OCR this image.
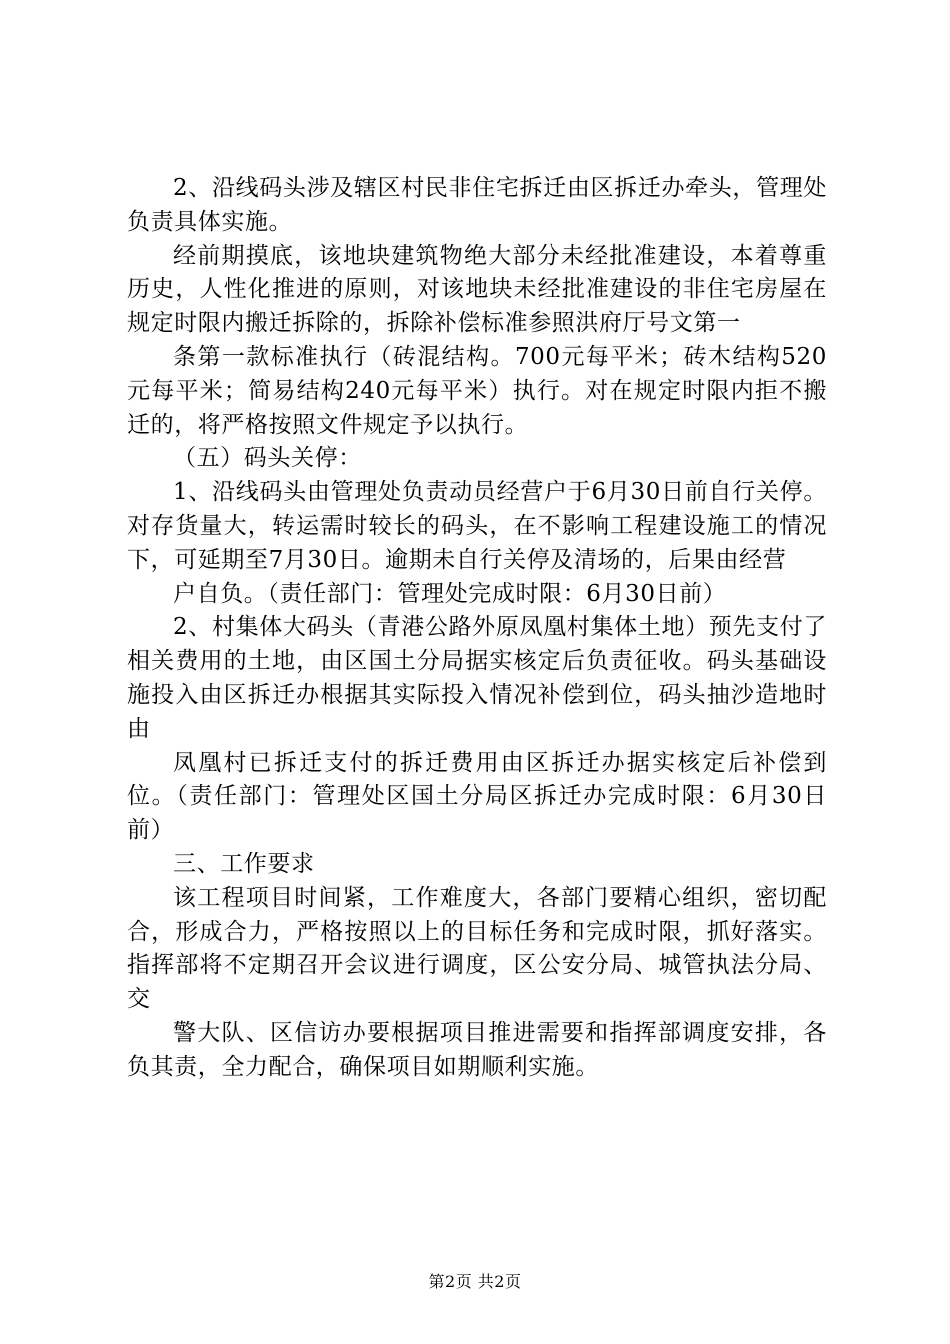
2、沿线码头涉及辖区村民非住宅拆迁由区拆迁办牵头，管理处负责具体实施。

经前期摸底，该地块建筑物绝大部分未经批准建设，本着尊重历史，人性化推进的原则，对该地块未经批准建设的非住宅房屋在规定时限内搬迁拆除的，拆除补偿标准参照洪府厅号文第一

条第一款标准执行（砖混结构。700元每平米；砖木结构520元每平米；简易结构240元每平米）执行。对在规定时限内拒不搬迁的，将严格按照文件规定予以执行。

（五）码头关停：

1、沿线码头由管理处负责动员经营户于6月30日前自行关停。对存货量大，转运需时较长的码头，在不影响工程建设施工的情况下，可延期至7月30日。逾期未自行关停及清场的，后果由经营

户自负。（责任部门：管理处完成时限：6月30日前）

2、村集体大码头（青港公路外原凤凰村集体土地）预先支付了相关费用的土地，由区国土分局据实核定后负责征收。码头基础设施投入由区拆迁办根据其实际投入情况补偿到位，码头抽沙造地时由

凤凰村已拆迁支付的拆迁费用由区拆迁办据实核定后补偿到位。（责任部门：管理处区国土分局区拆迁办完成时限：6月30日前）

三、工作要求

该工程项目时间紧，工作难度大，各部门要精心组织，密切配合，形成合力，严格按照以上的目标任务和完成时限，抓好落实。指挥部将不定期召开会议进行调度，区公安分局、城管执法分局、交

警大队、区信访办要根据项目推进需要和指挥部调度安排，各负其责，全力配合，确保项目如期顺利实施。

第2页 共2页
